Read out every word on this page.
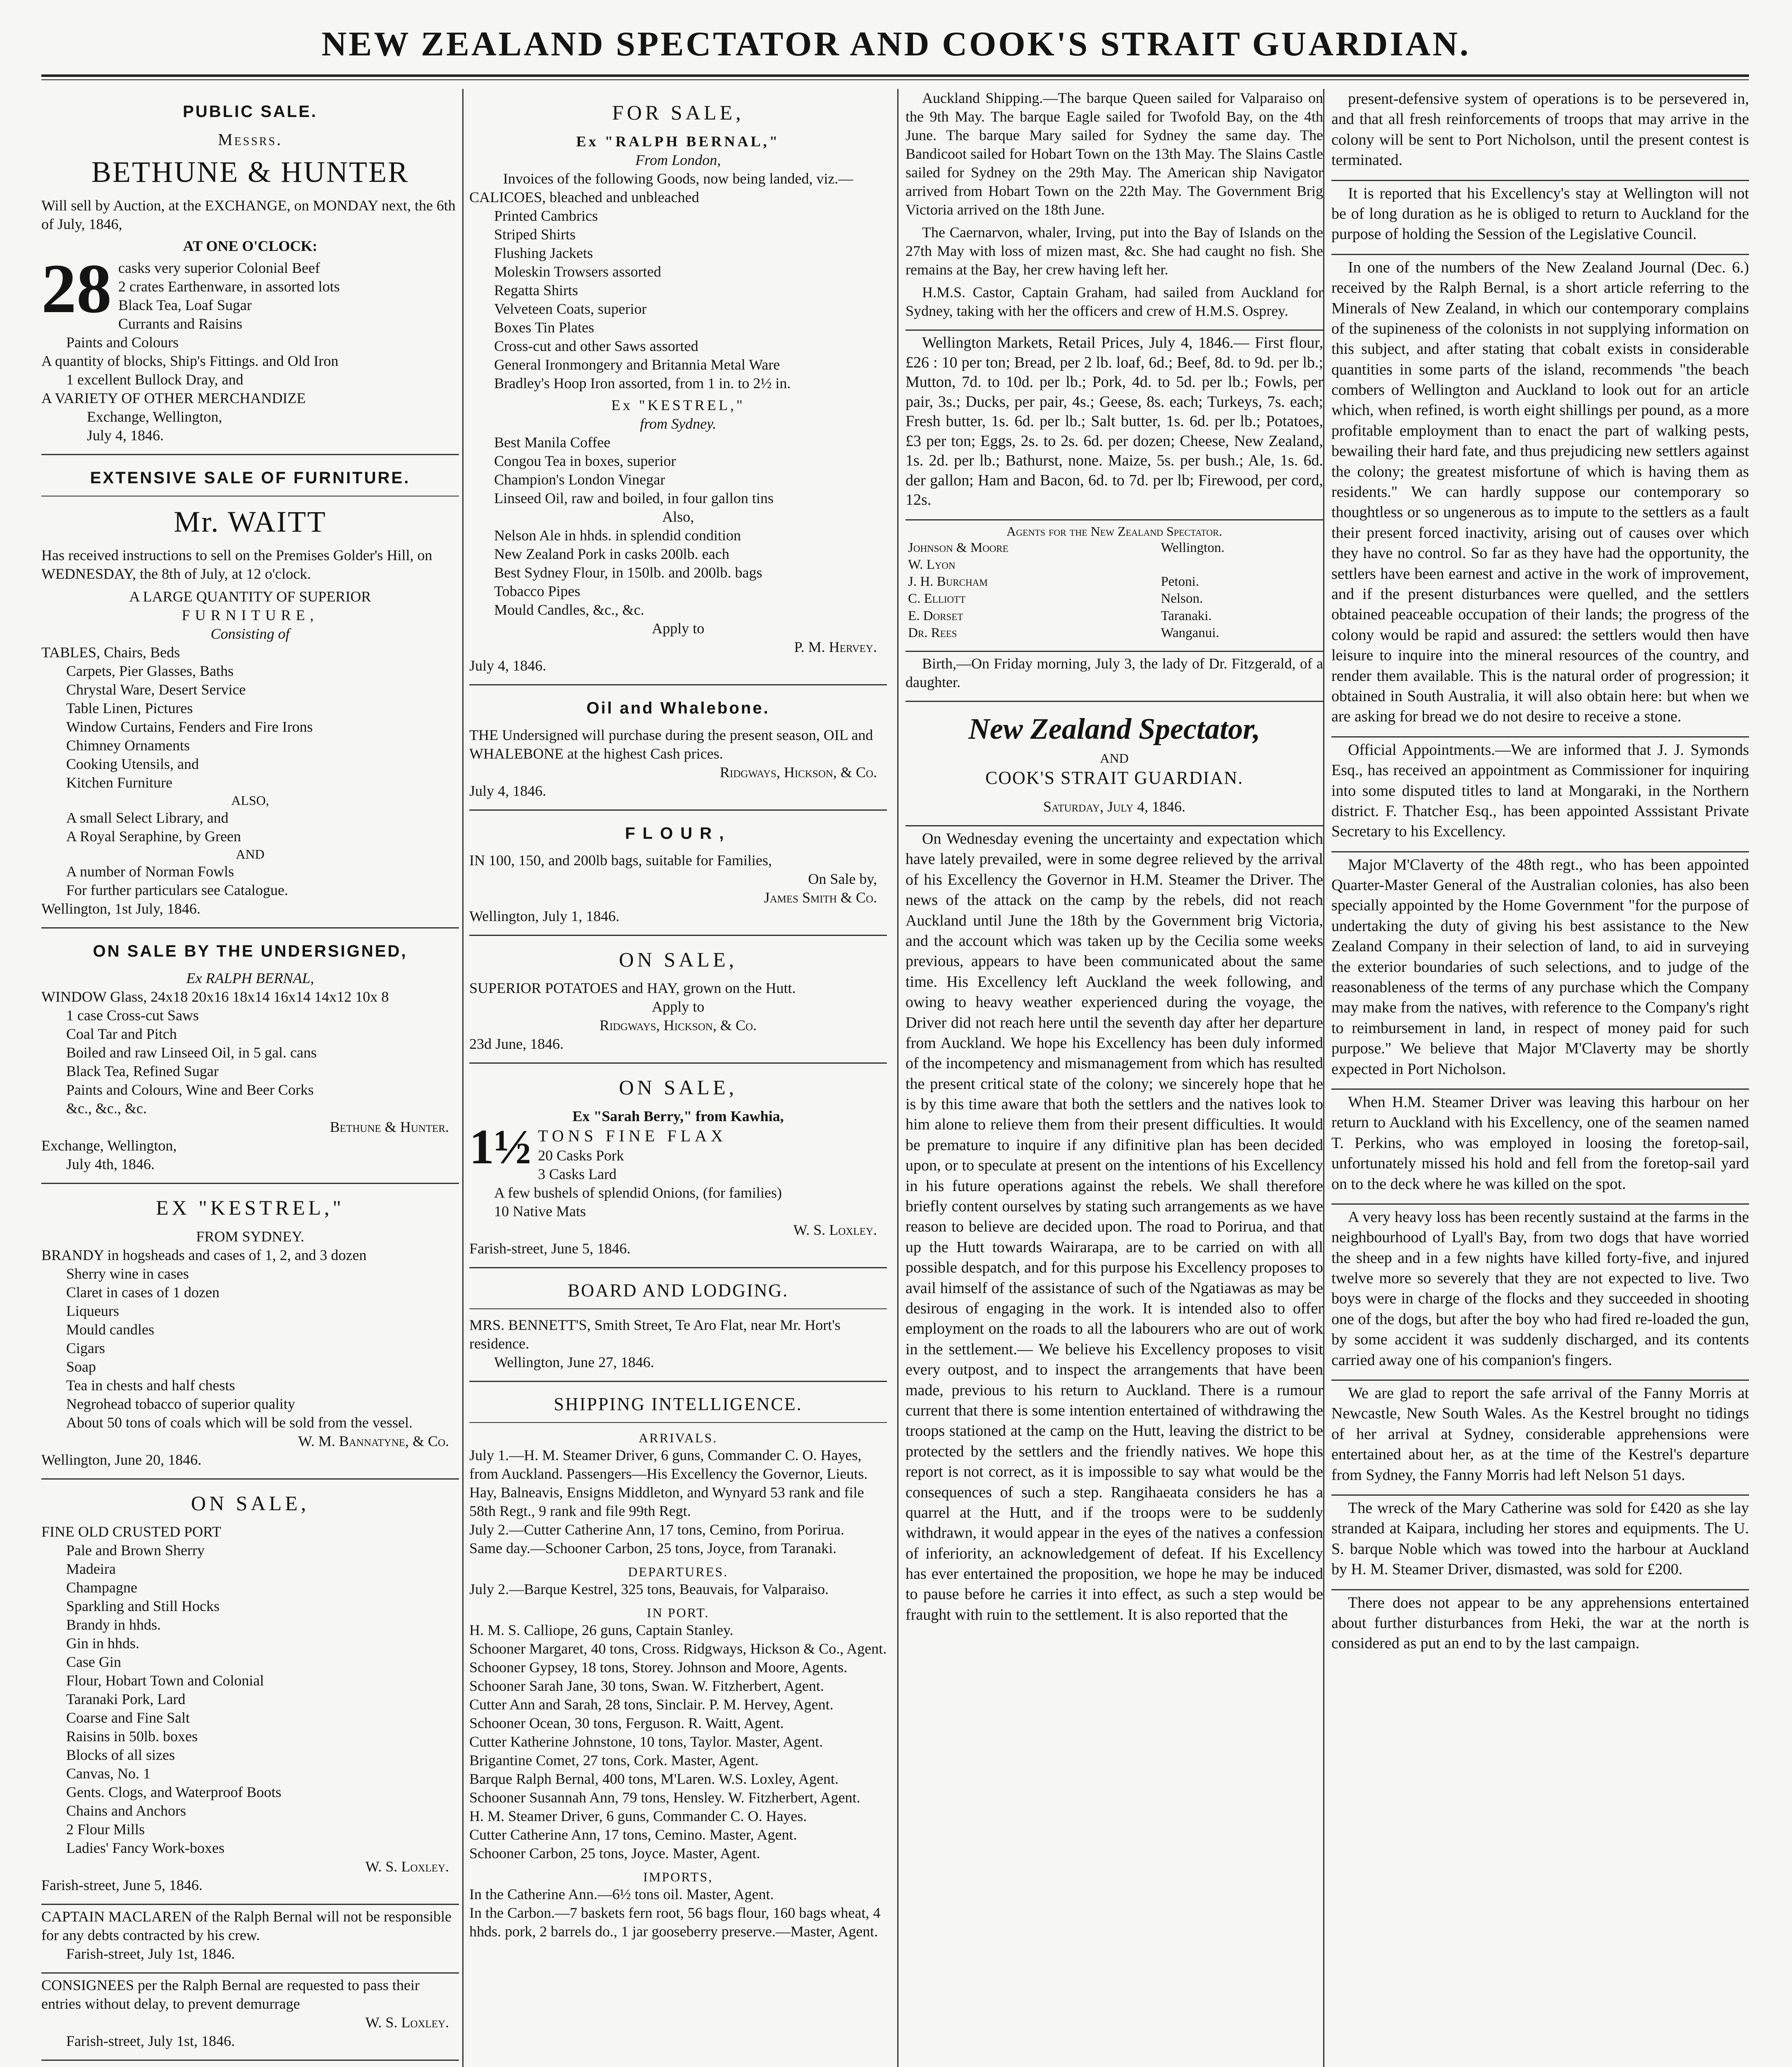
NEW ZEALAND SPECTATOR AND COOK'S STRAIT GUARDIAN.
PUBLIC SALE.
Messrs.
BETHUNE & HUNTER

Will sell by Auction, at the EXCHANGE, on MONDAY next, the 6th of July, 1846,

AT ONE O'CLOCK:
28 casks very superior Colonial Beef

2 crates Earthenware, in assorted lots

Black Tea, Loaf Sugar

Currants and Raisins

Paints and Colours

A quantity of blocks, Ship's Fittings. and Old Iron

1 excellent Bullock Dray, and

A VARIETY OF OTHER MERCHANDIZE

Exchange, Wellington,

July 4, 1846.

EXTENSIVE SALE OF FURNITURE.
Mr. WAITT

Has received instructions to sell on the Premises Golder's Hill, on WEDNESDAY, the 8th of July, at 12 o'clock.

A LARGE QUANTITY OF SUPERIOR
FURNITURE,
Consisting of

TABLES, Chairs, Beds

Carpets, Pier Glasses, Baths

Chrystal Ware, Desert Service

Table Linen, Pictures

Window Curtains, Fenders and Fire Irons

Chimney Ornaments

Cooking Utensils, and

Kitchen Furniture

ALSO,

A small Select Library, and

A Royal Seraphine, by Green

AND

A number of Norman Fowls

For further particulars see Catalogue.

Wellington, 1st July, 1846.

ON SALE BY THE UNDERSIGNED,
Ex RALPH BERNAL,

WINDOW Glass, 24x18 20x16 18x14 16x14 14x12 10x 8

1 case Cross-cut Saws

Coal Tar and Pitch

Boiled and raw Linseed Oil, in 5 gal. cans

Black Tea, Refined Sugar

Paints and Colours, Wine and Beer Corks

&c., &c., &c.

Bethune & Hunter.

Exchange, Wellington,

July 4th, 1846.

EX "KESTREL,"
FROM SYDNEY.

BRANDY in hogsheads and cases of 1, 2, and 3 dozen

Sherry wine in cases

Claret in cases of 1 dozen

Liqueurs

Mould candles

Cigars

Soap

Tea in chests and half chests

Negrohead tobacco of superior quality

About 50 tons of coals which will be sold from the vessel.

W. M. Bannatyne, & Co.

Wellington, June 20, 1846.

ON SALE,

FINE OLD CRUSTED PORT

Pale and Brown Sherry

Madeira

Champagne

Sparkling and Still Hocks

Brandy in hhds.

Gin in hhds.

Case Gin

Flour, Hobart Town and Colonial

Taranaki Pork, Lard

Coarse and Fine Salt

Raisins in 50lb. boxes

Blocks of all sizes

Canvas, No. 1

Gents. Clogs, and Waterproof Boots

Chains and Anchors

2 Flour Mills

Ladies' Fancy Work-boxes

W. S. Loxley.

Farish-street, June 5, 1846.

CAPTAIN MACLAREN of the Ralph Bernal will not be responsible for any debts contracted by his crew.

Farish-street, July 1st, 1846.

CONSIGNEES per the Ralph Bernal are requested to pass their entries without delay, to prevent demurrage

W. S. Loxley.

Farish-street, July 1st, 1846.

FOR SALE,
Ex "RALPH BERNAL,"
From London,

Invoices of the following Goods, now being landed, viz.—

CALICOES, bleached and unbleached

Printed Cambrics

Striped Shirts

Flushing Jackets

Moleskin Trowsers assorted

Regatta Shirts

Velveteen Coats, superior

Boxes Tin Plates

Cross-cut and other Saws assorted

General Ironmongery and Britannia Metal Ware

Bradley's Hoop Iron assorted, from 1 in. to 2½ in.

Ex "KESTREL,"
from Sydney.

Best Manila Coffee

Congou Tea in boxes, superior

Champion's London Vinegar

Linseed Oil, raw and boiled, in four gallon tins

Also,

Nelson Ale in hhds. in splendid condition

New Zealand Pork in casks 200lb. each

Best Sydney Flour, in 150lb. and 200lb. bags

Tobacco Pipes

Mould Candles, &c., &c.

Apply to

P. M. Hervey.

July 4, 1846.

Oil and Whalebone.

THE Undersigned will purchase during the present season, OIL and WHALEBONE at the highest Cash prices.

Ridgways, Hickson, & Co.

July 4, 1846.

FLOUR,

IN 100, 150, and 200lb bags, suitable for Families,

On Sale by,

James Smith & Co.

Wellington, July 1, 1846.

ON SALE,

SUPERIOR POTATOES and HAY, grown on the Hutt.

Apply to

Ridgways, Hickson, & Co.

23d June, 1846.

ON SALE,
Ex "Sarah Berry," from Kawhia,
1½ TONS FINE FLAX

20 Casks Pork

3 Casks Lard

A few bushels of splendid Onions, (for families)

10 Native Mats

W. S. Loxley.

Farish-street, June 5, 1846.

BOARD AND LODGING.

MRS. BENNETT'S, Smith Street, Te Aro Flat, near Mr. Hort's residence.

Wellington, June 27, 1846.

SHIPPING INTELLIGENCE.
ARRIVALS.

July 1.—H. M. Steamer Driver, 6 guns, Commander C. O. Hayes, from Auckland. Passengers—His Excellency the Governor, Lieuts. Hay, Balneavis, Ensigns Middleton, and Wynyard 53 rank and file 58th Regt., 9 rank and file 99th Regt.

July 2.—Cutter Catherine Ann, 17 tons, Cemino, from Porirua.

Same day.—Schooner Carbon, 25 tons, Joyce, from Taranaki.

DEPARTURES.

July 2.—Barque Kestrel, 325 tons, Beauvais, for Valparaiso.

IN PORT.

H. M. S. Calliope, 26 guns, Captain Stanley.

Schooner Margaret, 40 tons, Cross. Ridgways, Hickson & Co., Agent.

Schooner Gypsey, 18 tons, Storey. Johnson and Moore, Agents.

Schooner Sarah Jane, 30 tons, Swan. W. Fitzherbert, Agent.

Cutter Ann and Sarah, 28 tons, Sinclair. P. M. Hervey, Agent.

Schooner Ocean, 30 tons, Ferguson. R. Waitt, Agent.

Cutter Katherine Johnstone, 10 tons, Taylor. Master, Agent.

Brigantine Comet, 27 tons, Cork. Master, Agent.

Barque Ralph Bernal, 400 tons, M'Laren. W.S. Loxley, Agent.

Schooner Susannah Ann, 79 tons, Hensley. W. Fitzherbert, Agent.

H. M. Steamer Driver, 6 guns, Commander C. O. Hayes.

Cutter Catherine Ann, 17 tons, Cemino. Master, Agent.

Schooner Carbon, 25 tons, Joyce. Master, Agent.

IMPORTS,

In the Catherine Ann.—6½ tons oil. Master, Agent.

In the Carbon.—7 baskets fern root, 56 bags flour, 160 bags wheat, 4 hhds. pork, 2 barrels do., 1 jar gooseberry preserve.—Master, Agent.

Auckland Shipping.—The barque Queen sailed for Valparaiso on the 9th May. The barque Eagle sailed for Twofold Bay, on the 4th June. The barque Mary sailed for Sydney the same day. The Bandicoot sailed for Hobart Town on the 13th May. The Slains Castle sailed for Sydney on the 29th May. The American ship Navigator arrived from Hobart Town on the 22th May. The Government Brig Victoria arrived on the 18th June.

The Caernarvon, whaler, Irving, put into the Bay of Islands on the 27th May with loss of mizen mast, &c. She had caught no fish. She remains at the Bay, her crew having left her.

H.M.S. Castor, Captain Graham, had sailed from Auckland for Sydney, taking with her the officers and crew of H.M.S. Osprey.

Wellington Markets, Retail Prices, July 4, 1846.— First flour, £26 : 10 per ton; Bread, per 2 lb. loaf, 6d.; Beef, 8d. to 9d. per lb.; Mutton, 7d. to 10d. per lb.; Pork, 4d. to 5d. per lb.; Fowls, per pair, 3s.; Ducks, per pair, 4s.; Geese, 8s. each; Turkeys, 7s. each; Fresh butter, 1s. 6d. per lb.; Salt butter, 1s. 6d. per lb.; Potatoes, £3 per ton; Eggs, 2s. to 2s. 6d. per dozen; Cheese, New Zealand, 1s. 2d. per lb.; Bathurst, none. Maize, 5s. per bush.; Ale, 1s. 6d. der gallon; Ham and Bacon, 6d. to 7d. per lb; Firewood, per cord, 12s.

Agents for the New Zealand Spectator.
Johnson & Moore	Wellington.
W. Lyon	
J. H. Burcham	Petoni.
C. Elliott	Nelson.
E. Dorset	Taranaki.
Dr. Rees	Wanganui.

Birth,—On Friday morning, July 3, the lady of Dr. Fitzgerald, of a daughter.

New Zealand Spectator,
AND
COOK'S STRAIT GUARDIAN.
Saturday, July 4, 1846.

On Wednesday evening the uncertainty and expectation which have lately prevailed, were in some degree relieved by the arrival of his Excellency the Governor in H.M. Steamer the Driver. The news of the attack on the camp by the rebels, did not reach Auckland until June the 18th by the Government brig Victoria, and the account which was taken up by the Cecilia some weeks previous, appears to have been communicated about the same time. His Excellency left Auckland the week following, and owing to heavy weather experienced during the voyage, the Driver did not reach here until the seventh day after her departure from Auckland. We hope his Excellency has been duly informed of the incompetency and mismanagement from which has resulted the present critical state of the colony; we sincerely hope that he is by this time aware that both the settlers and the natives look to him alone to relieve them from their present difficulties. It would be premature to inquire if any difinitive plan has been decided upon, or to speculate at present on the intentions of his Excellency in his future operations against the rebels. We shall therefore briefly content ourselves by stating such arrangements as we have reason to believe are decided upon. The road to Porirua, and that up the Hutt towards Wairarapa, are to be carried on with all possible despatch, and for this purpose his Excellency proposes to avail himself of the assistance of such of the Ngatiawas as may be desirous of engaging in the work. It is intended also to offer employment on the roads to all the labourers who are out of work in the settlement.— We believe his Excellency proposes to visit every outpost, and to inspect the arrangements that have been made, previous to his return to Auckland. There is a rumour current that there is some intention entertained of withdrawing the troops stationed at the camp on the Hutt, leaving the district to be protected by the settlers and the friendly natives. We hope this report is not correct, as it is impossible to say what would be the consequences of such a step. Rangihaeata considers he has a quarrel at the Hutt, and if the troops were to be suddenly withdrawn, it would appear in the eyes of the natives a confession of inferiority, an acknowledgement of defeat. If his Excellency has ever entertained the proposition, we hope he may be induced to pause before he carries it into effect, as such a step would be fraught with ruin to the settlement. It is also reported that the

present-defensive system of operations is to be persevered in, and that all fresh reinforcements of troops that may arrive in the colony will be sent to Port Nicholson, until the present contest is terminated.

It is reported that his Excellency's stay at Wellington will not be of long duration as he is obliged to return to Auckland for the purpose of holding the Session of the Legislative Council.

In one of the numbers of the New Zealand Journal (Dec. 6.) received by the Ralph Bernal, is a short article referring to the Minerals of New Zealand, in which our contemporary complains of the supineness of the colonists in not supplying information on this subject, and after stating that cobalt exists in considerable quantities in some parts of the island, recommends "the beach combers of Wellington and Auckland to look out for an article which, when refined, is worth eight shillings per pound, as a more profitable employment than to enact the part of walking pests, bewailing their hard fate, and thus prejudicing new settlers against the colony; the greatest misfortune of which is having them as residents." We can hardly suppose our contemporary so thoughtless or so ungenerous as to impute to the settlers as a fault their present forced inactivity, arising out of causes over which they have no control. So far as they have had the opportunity, the settlers have been earnest and active in the work of improvement, and if the present disturbances were quelled, and the settlers obtained peaceable occupation of their lands; the progress of the colony would be rapid and assured: the settlers would then have leisure to inquire into the mineral resources of the country, and render them available. This is the natural order of progression; it obtained in South Australia, it will also obtain here: but when we are asking for bread we do not desire to receive a stone.

Official Appointments.—We are informed that J. J. Symonds Esq., has received an appointment as Commissioner for inquiring into some disputed titles to land at Mongaraki, in the Northern district. F. Thatcher Esq., has been appointed Asssistant Private Secretary to his Excellency.

Major M'Claverty of the 48th regt., who has been appointed Quarter-Master General of the Australian colonies, has also been specially appointed by the Home Government "for the purpose of undertaking the duty of giving his best assistance to the New Zealand Company in their selection of land, to aid in surveying the exterior boundaries of such selections, and to judge of the reasonableness of the terms of any purchase which the Company may make from the natives, with reference to the Company's right to reimbursement in land, in respect of money paid for such purpose." We believe that Major M'Claverty may be shortly expected in Port Nicholson.

When H.M. Steamer Driver was leaving this harbour on her return to Auckland with his Excellency, one of the seamen named T. Perkins, who was employed in loosing the foretop-sail, unfortunately missed his hold and fell from the foretop-sail yard on to the deck where he was killed on the spot.

A very heavy loss has been recently sustaind at the farms in the neighbourhood of Lyall's Bay, from two dogs that have worried the sheep and in a few nights have killed forty-five, and injured twelve more so severely that they are not expected to live. Two boys were in charge of the flocks and they succeeded in shooting one of the dogs, but after the boy who had fired re-loaded the gun, by some accident it was suddenly discharged, and its contents carried away one of his companion's fingers.

We are glad to report the safe arrival of the Fanny Morris at Newcastle, New South Wales. As the Kestrel brought no tidings of her arrival at Sydney, considerable apprehensions were entertained about her, as at the time of the Kestrel's departure from Sydney, the Fanny Morris had left Nelson 51 days.

The wreck of the Mary Catherine was sold for £420 as she lay stranded at Kaipara, including her stores and equipments. The U. S. barque Noble which was towed into the harbour at Auckland by H. M. Steamer Driver, dismasted, was sold for £200.

There does not appear to be any apprehensions entertained about further disturbances from Heki, the war at the north is considered as put an end to by the last campaign.
